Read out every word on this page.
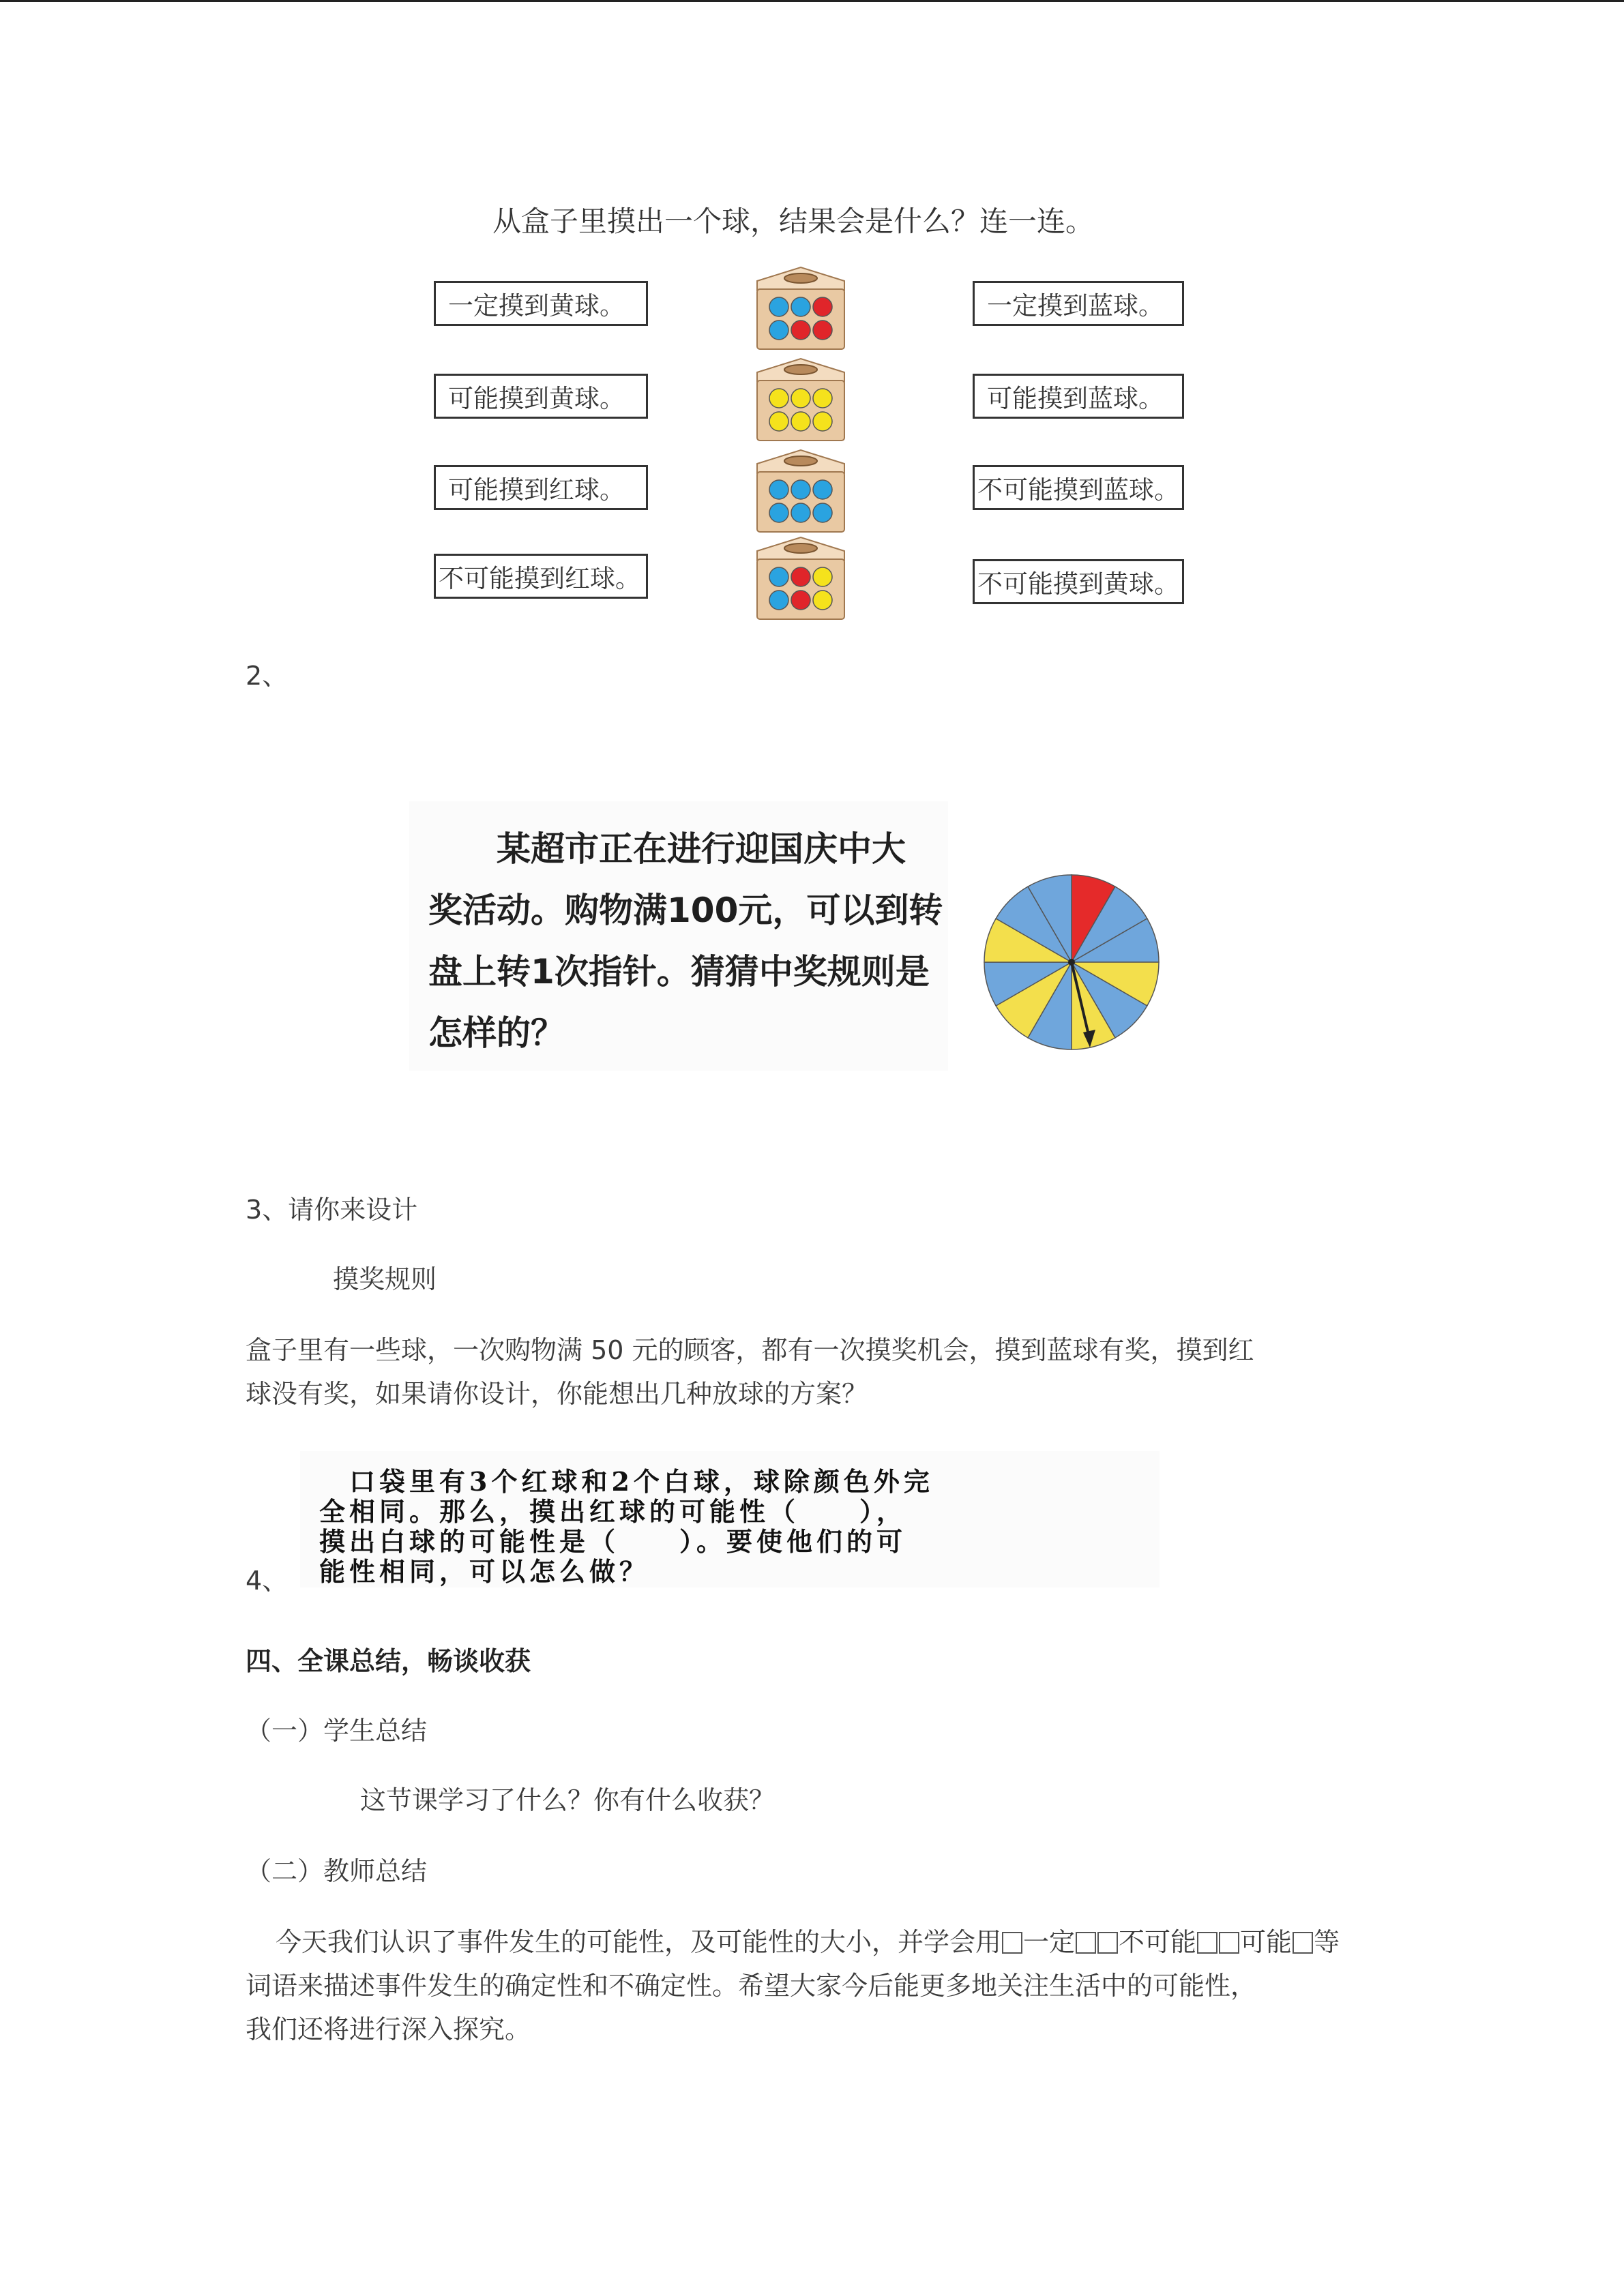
从盒子里摸出一个球，结果会是什么？连一连。
一定摸到黄球。
可能摸到黄球。
可能摸到红球。
不可能摸到红球。
一定摸到蓝球。
可能摸到蓝球。
不可能摸到蓝球。
不可能摸到黄球。
2、
某超市正在进行迎国庆中大
奖活动。购物满100元，可以到转
盘上转1次指针。猜猜中奖规则是
怎样的？
3、请你来设计
摸奖规则
盒子里有一些球，一次购物满 50 元的顾客，都有一次摸奖机会，摸到蓝球有奖，摸到红
球没有奖，如果请你设计，你能想出几种放球的方案？
口袋里有3个红球和2个白球，球除颜色外完
全相同。那么，摸出红球的可能性（　　），
摸出白球的可能性是（　　）。要使他们的可
能性相同，可以怎么做？
4、
四、全课总结，畅谈收获
（一）学生总结
这节课学习了什么？你有什么收获？
（二）教师总结
今天我们认识了事件发生的可能性，及可能性的大小，并学会用 一定 不可能 可能 等
词语来描述事件发生的确定性和不确定性。希望大家今后能更多地关注生活中的可能性，
我们还将进行深入探究。
